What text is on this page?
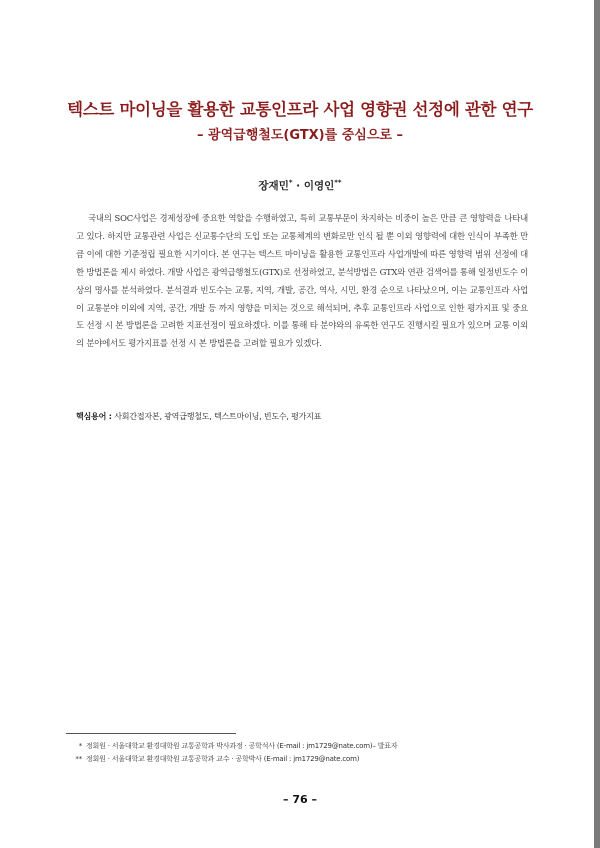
텍스트 마이닝을 활용한 교통인프라 사업 영향권 선정에 관한 연구
– 광역급행철도(GTX)를 중심으로 –
장재민* · 이영인**
국내의 SOC사업은 경제성장에 중요한 역할을 수행하였고, 특히 교통부문이 차지하는 비중이 높은 만큼 큰 영향력을 나타내고 있다. 하지만 교통관련 사업은 신교통수단의 도입 또는 교통체계의 변화로만 인식 될 뿐 이외 영향력에 대한 인식이 부족한 만큼 이에 대한 기준정립 필요한 시기이다. 본 연구는 텍스트 마이닝을 활용한 교통인프라 사업개발에 따른 영향력 범위 선정에 대한 방법론을 제시 하였다. 개발 사업은 광역급행철도(GTX)로 선정하였고, 분석방법은 GTX와 연관 검색어를 통해 일정빈도수 이상의 명사를 분석하였다. 분석결과 빈도수는 교통, 지역, 개발, 공간, 역사, 시민, 환경 순으로 나타났으며, 이는 교통인프라 사업이 교통분야 이외에 지역, 공간, 개발 등 까지 영향을 미치는 것으로 해석되며, 추후 교통인프라 사업으로 인한 평가지표 및 중요도 선정 시 본 방법론을 고려한 지표선정이 필요하겠다. 이를 통해 타 분야와의 유록한 연구도 진행시킬 필요가 있으며 교통 이외의 분야에서도 평가지표를 선정 시 본 방법론을 고려할 필요가 있겠다.
핵심용어 : 사회간접자본, 광역급행철도, 텍스트마이닝, 빈도수, 평가지표
* 정회원 · 서울대학교 환경대학원 교통공학과 박사과정 · 공학석사 (E-mail : jm1729@nate.com)– 발표자
** 정회원 · 서울대학교 환경대학원 교통공학과 교수 · 공학박사 (E-mail : jm1729@nate.com)
– 76 –
